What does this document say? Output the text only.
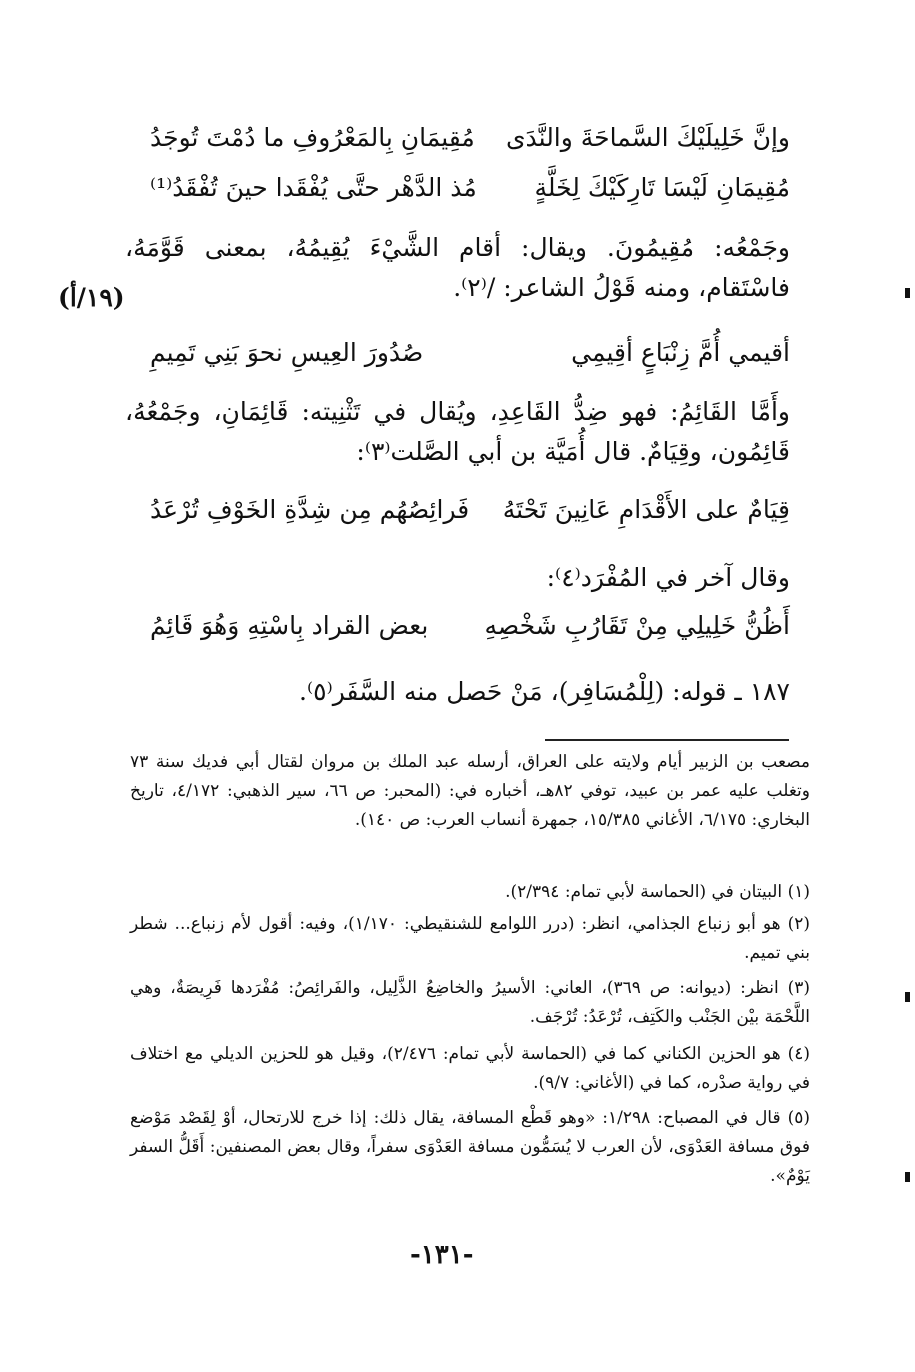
مُقِيمَانِ بِالمَعْرُوفِ ما دُمْتَ تُوجَدُ وإنَّ خَلِيلَيْكَ السَّماحَةَ والنَّدَى
مُذ الدَّهْر حتَّى يُفْقَدا حينَ تُفْقَدُ⁽¹⁾ مُقِيمَانِ لَيْسَا تَارِكَيْكَ لِخَلَّةٍ
وجَمْعُه: مُقِيمُونَ. ويقال: أقام الشَّيْءَ يُقِيمُهُ، بمعنى قَوَّمَهُ، فاسْتَقام، ومنه قَوْلُ الشاعر: /⁽٢⁾.
(١٩/أ)
صُدُورَ العِيسِ نحوَ بَنِي تَمِيمِ	أقيمي أُمَّ زِنْبَاعٍ أقِيمِي
وأَمَّا القَائِمُ: فهو ضِدُّ القَاعِدِ، ويُقال في تَثْنِيته: قَائِمَانِ، وجَمْعُهُ، قَائِمُون، وقِيَامٌ. قال أُمَيَّة بن أبي الصَّلت⁽٣⁾:
فَرائِصُهُم مِن شِدَّةِ الخَوْفِ تُرْعَدُ قِيَامٌ على الأَقْدَامِ عَانِينَ تَحْتَهُ
وقال آخر في المُفْرَد⁽٤⁾:
بعض القراد بِاسْتِهِ وَهُوَ قَائِمُ أَظُنُّ خَلِيلِي مِنْ تَقَارُبِ شَخْصِهِ
١٨٧ ـ قوله: (لِلْمُسَافِر)، مَنْ حَصل منه السَّفَر⁽٥⁾.
مصعب بن الزبير أيام ولايته على العراق، أرسله عبد الملك بن مروان لقتال أبي فديك سنة ٧٣ وتغلب عليه عمر بن عبيد، توفي ٨٢هـ، أخباره في: (المحبر: ص ٦٦، سير الذهبي: ٤/١٧٢، تاريخ البخاري: ٦/١٧٥، الأغاني ١٥/٣٨٥، جمهرة أنساب العرب: ص ١٤٠).
(١) البيتان في (الحماسة لأبي تمام: ٢/٣٩٤).
(٢) هو أبو زنباع الجذامي، انظر: (درر اللوامع للشنقيطي: ١/١٧٠)، وفيه: أقول لأم زنباع... شطر بني تميم.
(٣) انظر: (ديوانه: ص ٣٦٩)، العاني: الأسيرُ والخاضِعُ الذَّلِيل، والفَرائِصُ: مُفْرَدها فَرِيصَةٌ، وهي اللَّحْمَة بيْن الجَنْب والكَتِف، تُرْعَدُ: تُرْجَف.
(٤) هو الحزين الكناني كما في (الحماسة لأبي تمام: ٢/٤٧٦)، وقيل هو للحزين الديلي مع اختلاف في رواية صدْره، كما في (الأغاني: ٩/٧).
(٥) قال في المصباح: ١/٢٩٨: «وهو قَطْع المسافة، يقال ذلك: إذا خرج للارتحال، أوْ لِقَصْد مَوْضع فوق مسافة العَدْوَى، لأن العرب لا يُسَمُّون مسافة العَدْوَى سفراً، وقال بعض المصنفين: أَقَلُّ السفر يَوْمٌ».
-١٣١-
